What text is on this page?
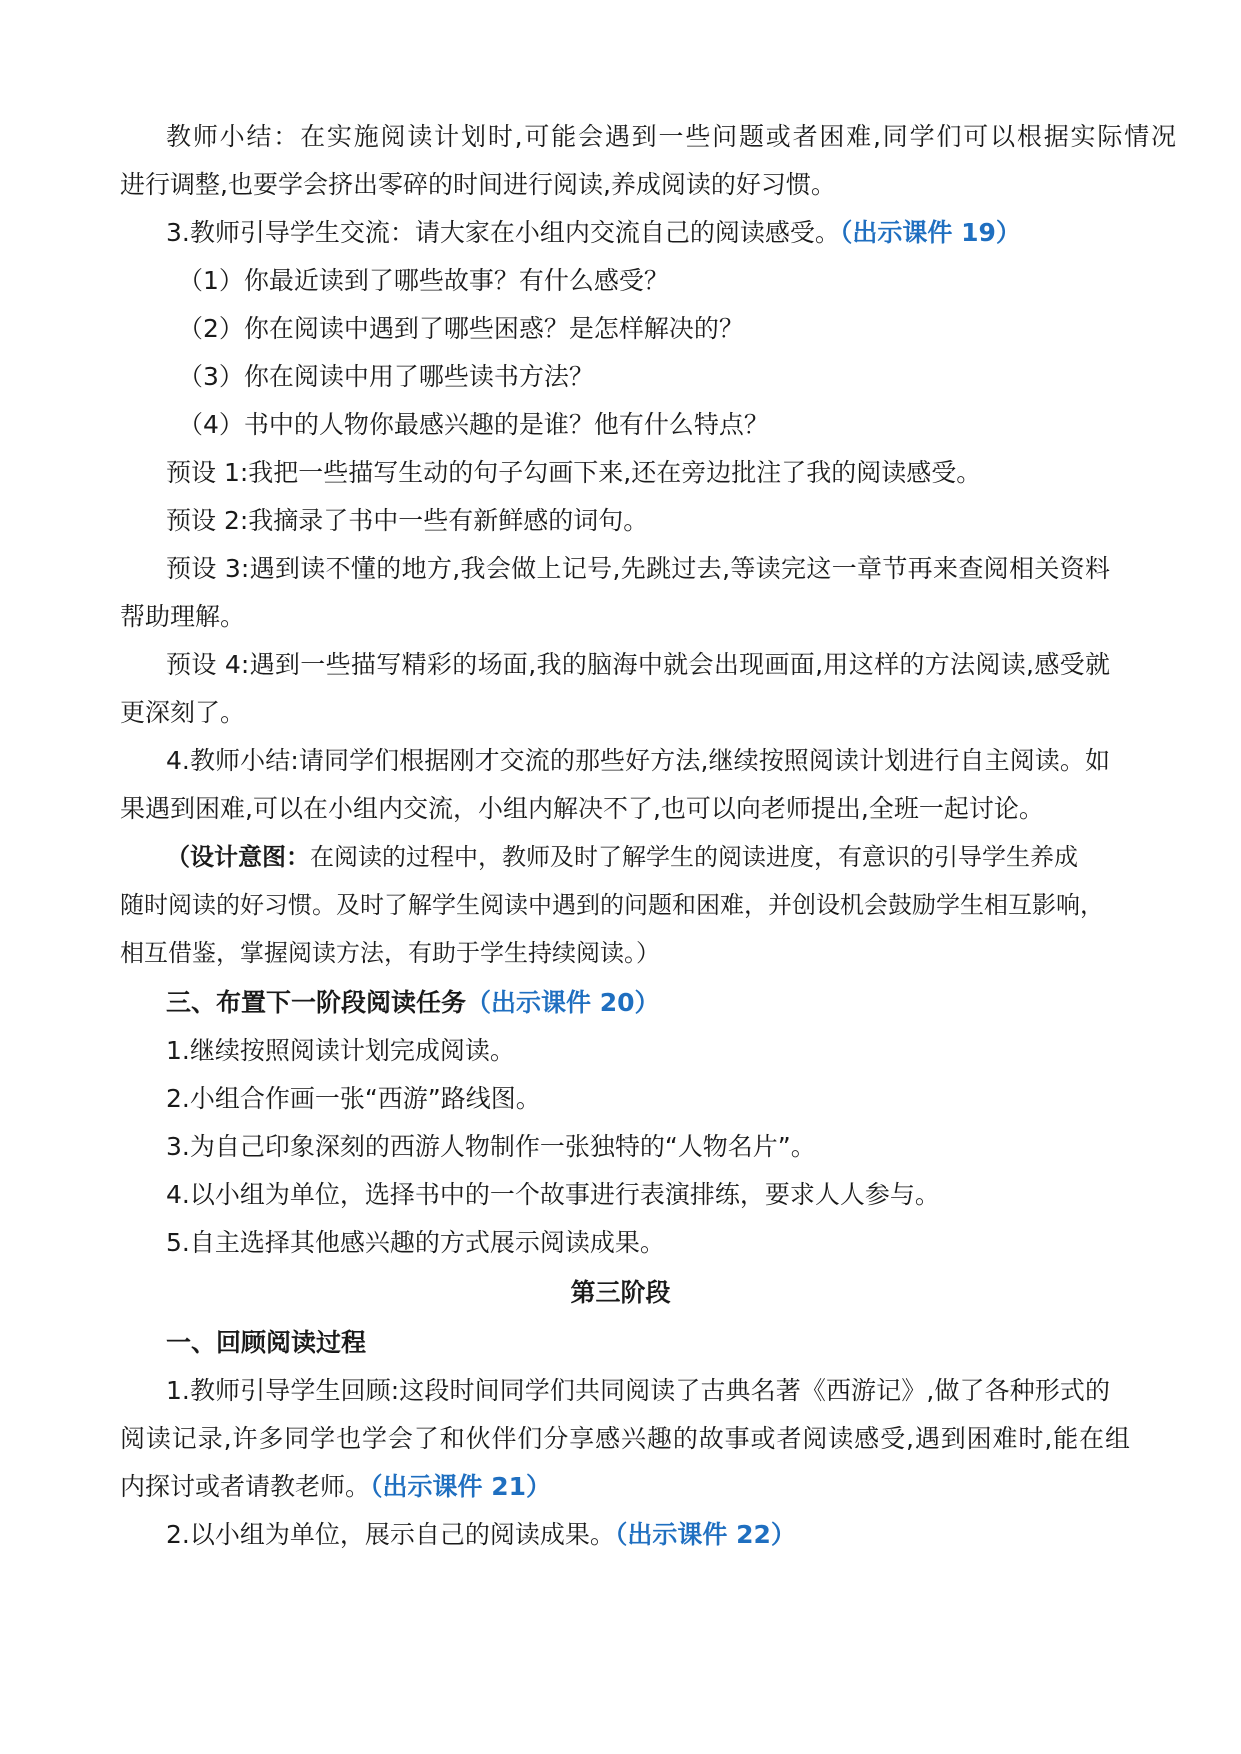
教师小结：在实施阅读计划时,可能会遇到一些问题或者困难,同学们可以根据实际情况
进行调整,也要学会挤出零碎的时间进行阅读,养成阅读的好习惯。
3.教师引导学生交流：请大家在小组内交流自己的阅读感受。（出示课件 19）
（1）你最近读到了哪些故事？有什么感受？
（2）你在阅读中遇到了哪些困惑？是怎样解决的？
（3）你在阅读中用了哪些读书方法？
（4）书中的人物你最感兴趣的是谁？他有什么特点？
预设 1:我把一些描写生动的句子勾画下来,还在旁边批注了我的阅读感受。
预设 2:我摘录了书中一些有新鲜感的词句。
预设 3:遇到读不懂的地方,我会做上记号,先跳过去,等读完这一章节再来查阅相关资料
帮助理解。
预设 4:遇到一些描写精彩的场面,我的脑海中就会出现画面,用这样的方法阅读,感受就
更深刻了。
4.教师小结:请同学们根据刚才交流的那些好方法,继续按照阅读计划进行自主阅读。如
果遇到困难,可以在小组内交流，小组内解决不了,也可以向老师提出,全班一起讨论。
（设计意图：在阅读的过程中，教师及时了解学生的阅读进度，有意识的引导学生养成
随时阅读的好习惯。及时了解学生阅读中遇到的问题和困难，并创设机会鼓励学生相互影响，
相互借鉴，掌握阅读方法，有助于学生持续阅读。）
三、布置下一阶段阅读任务（出示课件 20）
1.继续按照阅读计划完成阅读。
2.小组合作画一张“西游”路线图。
3.为自己印象深刻的西游人物制作一张独特的“人物名片”。
4.以小组为单位，选择书中的一个故事进行表演排练，要求人人参与。
5.自主选择其他感兴趣的方式展示阅读成果。
第三阶段
一、回顾阅读过程
1.教师引导学生回顾:这段时间同学们共同阅读了古典名著《西游记》,做了各种形式的
阅读记录,许多同学也学会了和伙伴们分享感兴趣的故事或者阅读感受,遇到困难时,能在组
内探讨或者请教老师。（出示课件 21）
2.以小组为单位，展示自己的阅读成果。（出示课件 22）
